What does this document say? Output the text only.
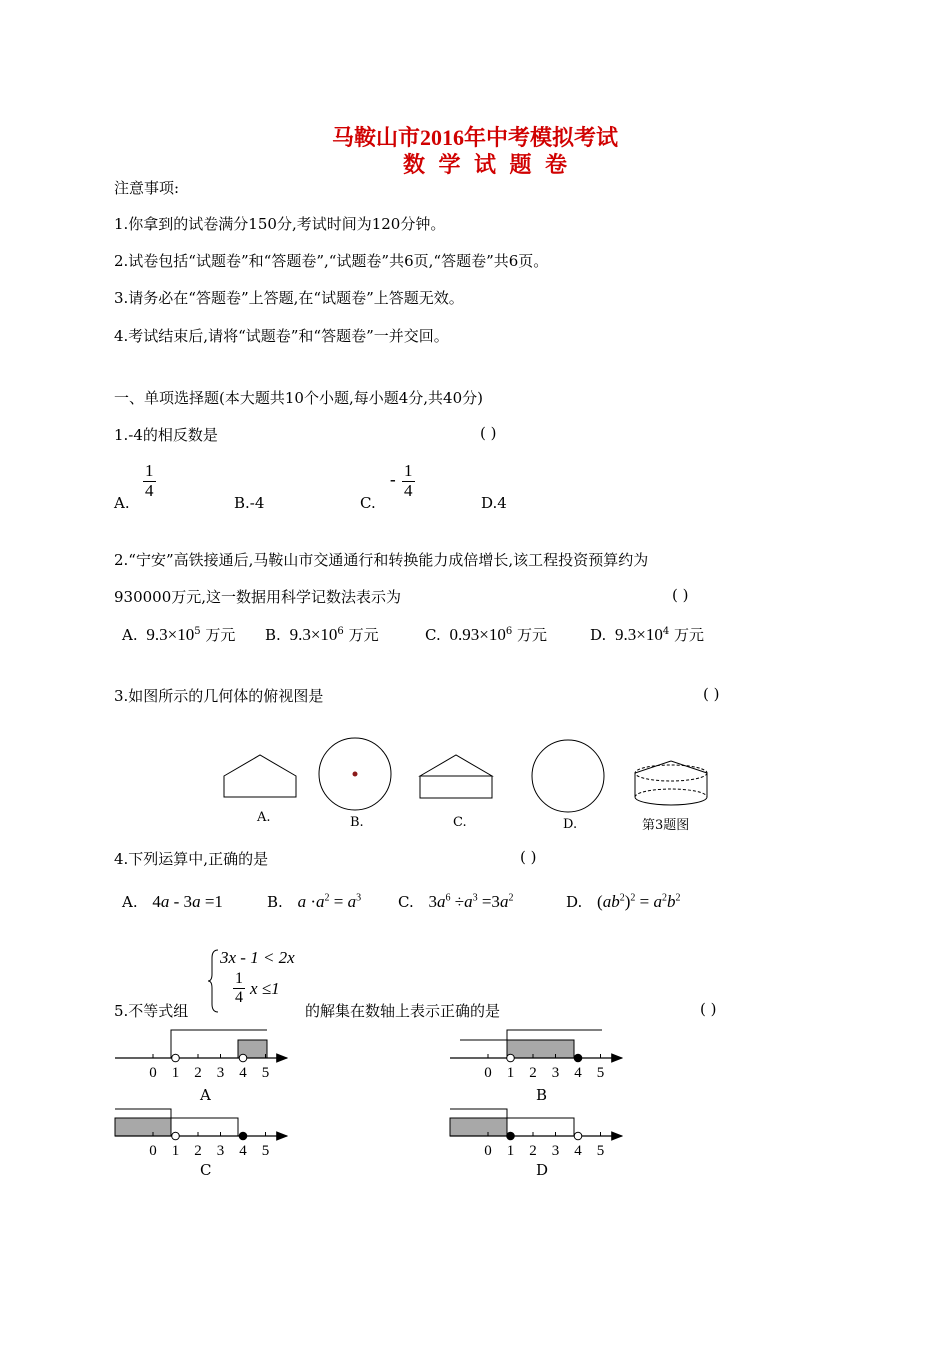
马鞍山市2016年中考模拟考试
数 学 试 题 卷
注意事项:
1.你拿到的试卷满分150分,考试时间为120分钟。
2.试卷包括“试题卷”和“答题卷”,“试题卷”共6页,“答题卷”共6页。
3.请务必在“答题卷”上答题,在“试题卷”上答题无效。
4.考试结束后,请将“试题卷”和“答题卷”一并交回。
一、单项选择题(本大题共10个小题,每小题4分,共40分)
1.-4的相反数是	( )
A.
$\frac{1}{4}$
B.-4	C.
- $\frac{1}{4}$
D.4
2.“宁安”高铁接通后,马鞍山市交通通行和转换能力成倍增长,该工程投资预算约为
930000万元,这一数据用科学记数法表示为	( )
A. $9.3\times 10^5$ 万元 B. $9.3\times 10^6$ 万元	C. $0.93\times 10^6$ 万元	D. $9.3\times 10^4$ 万元
3.如图所示的几何体的俯视图是	( )
A.	B.	C.	D.	第3题图
4.下列运算中,正确的是	( )
A. 4a - 3a =1	B. $a \cdot a^2 = a^3$ C. $3a^6 \div a^3 =3a^2$	D. $(ab^2)^2 = a^2b^2$
5.不等式组
3x - 1 < 2x
$\frac{1}{4}$ x ≤1
的解集在数轴上表示正确的是	( )
0 1 2 3 4 5	0 1 2 3 4 5
0 1 2 3 4 5	0 1 2 3 4 5
A	B
C	D
